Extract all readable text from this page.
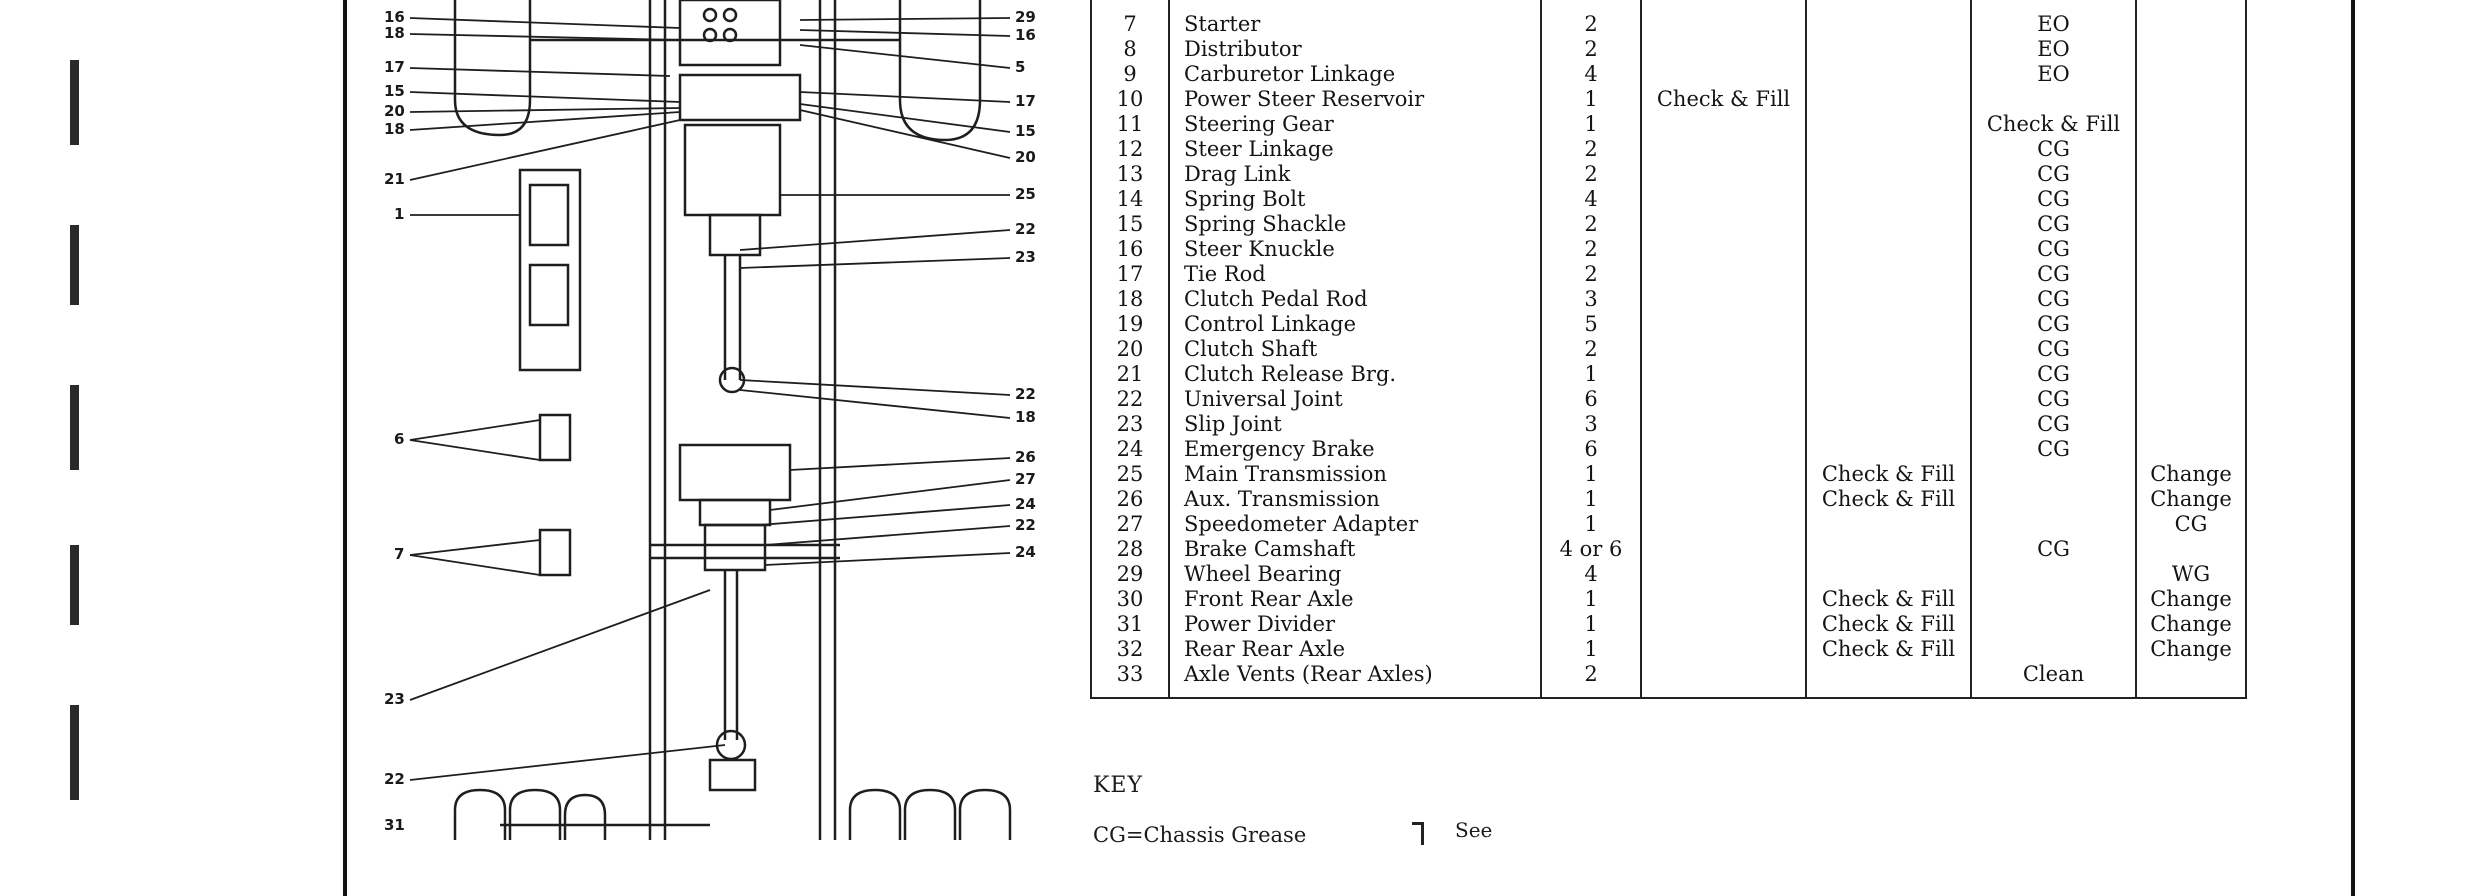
16
18
17
15
20
18
21
1
6
7
23
22
31
29
16
5
17
15
20
25
22
23
22
18
26
27
24
22
24

7	Starter	2			EO	
8	Distributor	2			EO	
9	Carburetor Linkage	4			EO	
10	Power Steer Reservoir	1	Check & Fill			
11	Steering Gear	1			Check & Fill	
12	Steer Linkage	2			CG	
13	Drag Link	2			CG	
14	Spring Bolt	4			CG	
15	Spring Shackle	2			CG	
16	Steer Knuckle	2			CG	
17	Tie Rod	2			CG	
18	Clutch Pedal Rod	3			CG	
19	Control Linkage	5			CG	
20	Clutch Shaft	2			CG	
21	Clutch Release Brg.	1			CG	
22	Universal Joint	6			CG	
23	Slip Joint	3			CG	
24	Emergency Brake	6			CG	
25	Main Transmission	1		Check & Fill		Change
26	Aux. Transmission	1		Check & Fill		Change
27	Speedometer Adapter	1				CG
28	Brake Camshaft	4 or 6			CG	
29	Wheel Bearing	4				WG
30	Front Rear Axle	1		Check & Fill		Change
31	Power Divider	1		Check & Fill		Change
32	Rear Rear Axle	1		Check & Fill		Change
33	Axle Vents (Rear Axles)	2			Clean	
KEY
CG=Chassis Grease	See
